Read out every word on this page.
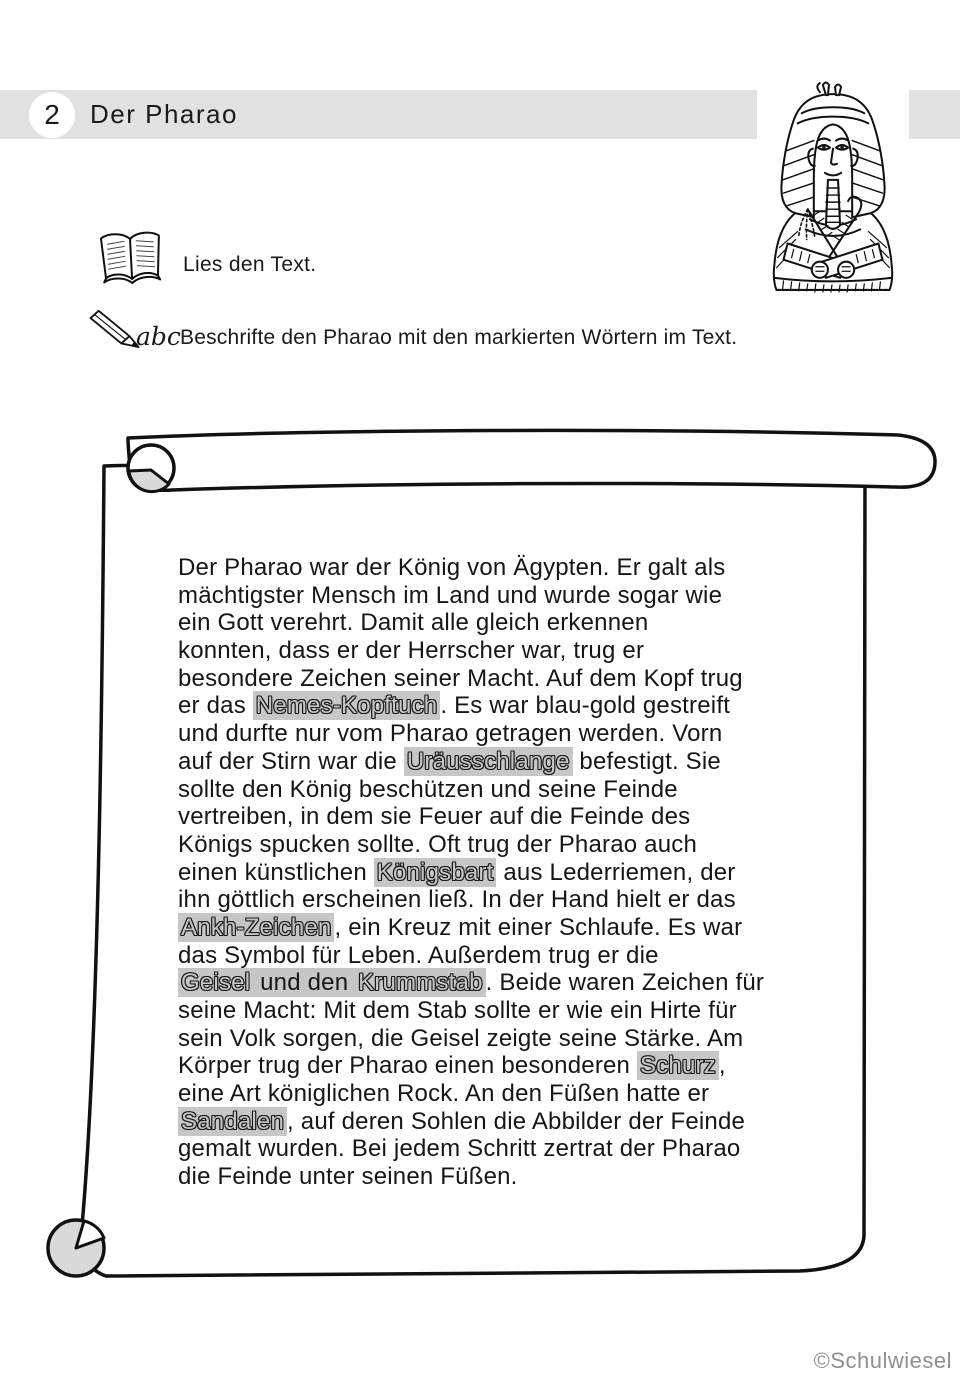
2 Der Pharao
Lies den Text.
abc Beschrifte den Pharao mit den markierten Wörtern im Text.
Der Pharao war der König von Ägypten. Er galt als
mächtigster Mensch im Land und wurde sogar wie
ein Gott verehrt. Damit alle gleich erkennen
konnten, dass er der Herrscher war, trug er
besondere Zeichen seiner Macht. Auf dem Kopf trug
er das Nemes-Kopftuch . Es war blau-gold gestreift
und durfte nur vom Pharao getragen werden. Vorn
auf der Stirn war die Uräusschlange befestigt. Sie
sollte den König beschützen und seine Feinde
vertreiben, in dem sie Feuer auf die Feinde des
Königs spucken sollte. Oft trug der Pharao auch
einen künstlichen Königsbart aus Lederriemen, der
ihn göttlich erscheinen ließ. In der Hand hielt er das
Ankh-Zeichen , ein Kreuz mit einer Schlaufe. Es war
das Symbol für Leben. Außerdem trug er die
Geisel und den Krummstab . Beide waren Zeichen für
seine Macht: Mit dem Stab sollte er wie ein Hirte für
sein Volk sorgen, die Geisel zeigte seine Stärke. Am
Körper trug der Pharao einen besonderen Schurz ,
eine Art königlichen Rock. An den Füßen hatte er
Sandalen , auf deren Sohlen die Abbilder der Feinde
gemalt wurden. Bei jedem Schritt zertrat der Pharao
die Feinde unter seinen Füßen.
©Schulwiesel
